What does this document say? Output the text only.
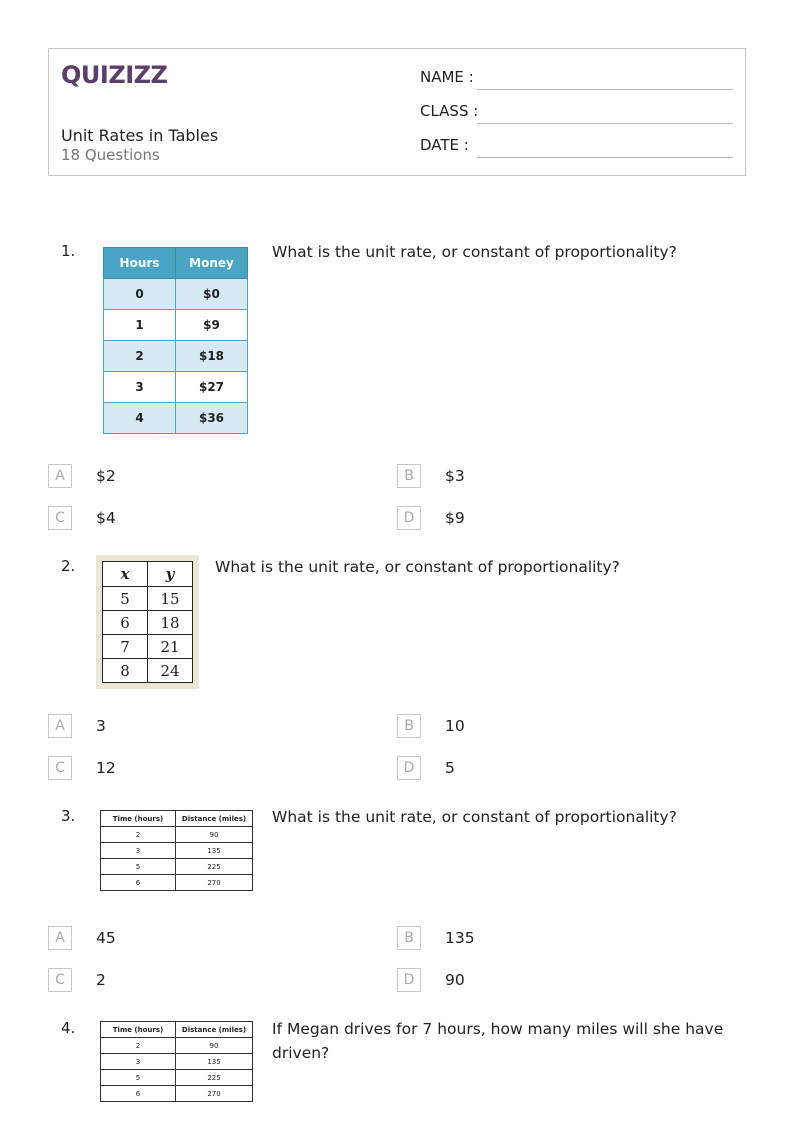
QUIZIZZ
Unit Rates in Tables
18 Questions
NAME :
CLASS :
DATE :
1.
Hours	Money
0	$0
1	$9
2	$18
3	$27
4	$36
What is the unit rate, or constant of proportionality?
A	$2	B	$3
C	$4	D	$9
2.	x	y
5	15
6	18
7	21
8	24
What is the unit rate, or constant of proportionality?
A	3	B	10
C	12	D	5
3.	Time (hours)	Distance (miles)
2	90
3	135
5	225
6	270
What is the unit rate, or constant of proportionality?
A	45	B	135
C	2	D	90
4.	Time (hours)	Distance (miles)
2	90
3	135
5	225
6	270
If Megan drives for 7 hours, how many miles will she have driven?
